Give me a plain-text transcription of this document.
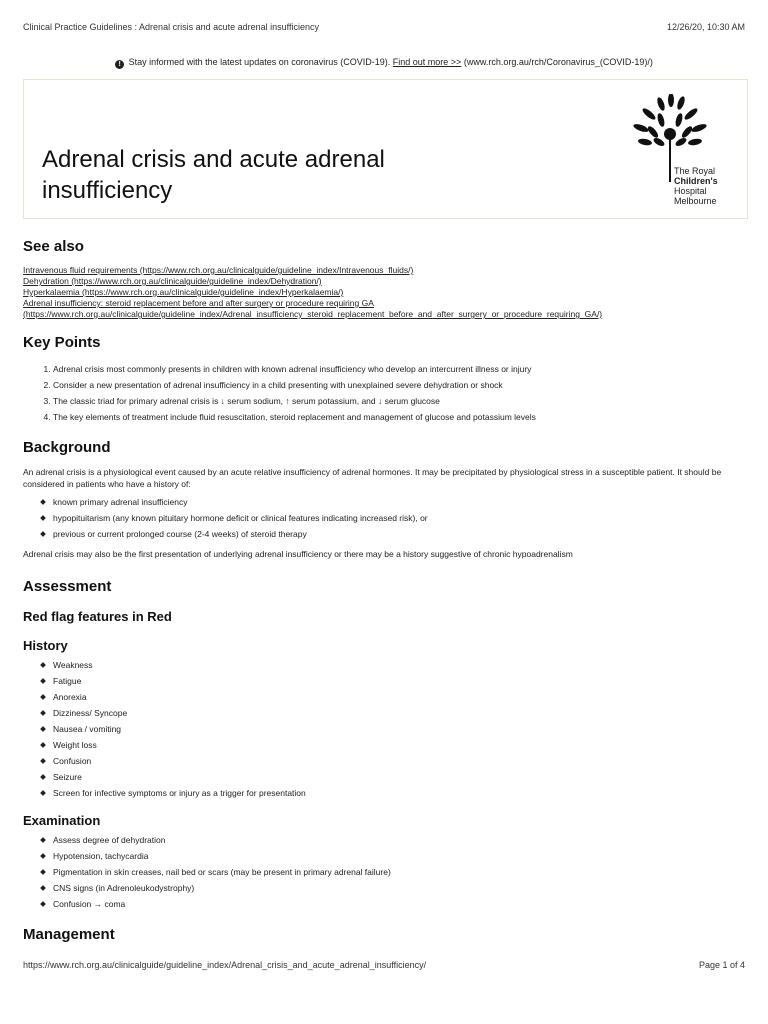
Clinical Practice Guidelines : Adrenal crisis and acute adrenal insufficiency	12/26/20, 10:30 AM
! Stay informed with the latest updates on coronavirus (COVID-19). Find out more >> (www.rch.org.au/rch/Coronavirus_(COVID-19)/)
Adrenal crisis and acute adrenal insufficiency
The Royal
Children's
Hospital
Melbourne
See also
Intravenous fluid requirements (https://www.rch.org.au/clinicalguide/guideline_index/Intravenous_fluids/)
Dehydration (https://www.rch.org.au/clinicalguide/guideline_index/Dehydration/)
Hyperkalaemia (https://www.rch.org.au/clinicalguide/guideline_index/Hyperkalaemia/)
Adrenal insufficiency: steroid replacement before and after surgery or procedure requiring GA
(https://www.rch.org.au/clinicalguide/guideline_index/Adrenal_insufficiency_steroid_replacement_before_and_after_surgery_or_procedure_requiring_GA/)
Key Points
1. Adrenal crisis most commonly presents in children with known adrenal insufficiency who develop an intercurrent illness or injury
2. Consider a new presentation of adrenal insufficiency in a child presenting with unexplained severe dehydration or shock
3. The classic triad for primary adrenal crisis is ↓ serum sodium, ↑ serum potassium, and ↓ serum glucose
4. The key elements of treatment include fluid resuscitation, steroid replacement and management of glucose and potassium levels
Background

An adrenal crisis is a physiological event caused by an acute relative insufficiency of adrenal hormones. It may be precipitated by physiological stress in a susceptible patient. It should be considered in patients who have a history of:

known primary adrenal insufficiency
hypopituitarism (any known pituitary hormone deficit or clinical features indicating increased risk), or
previous or current prolonged course (2-4 weeks) of steroid therapy

Adrenal crisis may also be the first presentation of underlying adrenal insufficiency or there may be a history suggestive of chronic hypoadrenalism

Assessment
Red flag features in Red
History
Weakness
Fatigue
Anorexia
Dizziness/ Syncope
Nausea / vomiting
Weight loss
Confusion
Seizure
Screen for infective symptoms or injury as a trigger for presentation
Examination
Assess degree of dehydration
Hypotension, tachycardia
Pigmentation in skin creases, nail bed or scars (may be present in primary adrenal failure)
CNS signs (in Adrenoleukodystrophy)
Confusion → coma
Management
https://www.rch.org.au/clinicalguide/guideline_index/Adrenal_crisis_and_acute_adrenal_insufficiency/	Page 1 of 4
